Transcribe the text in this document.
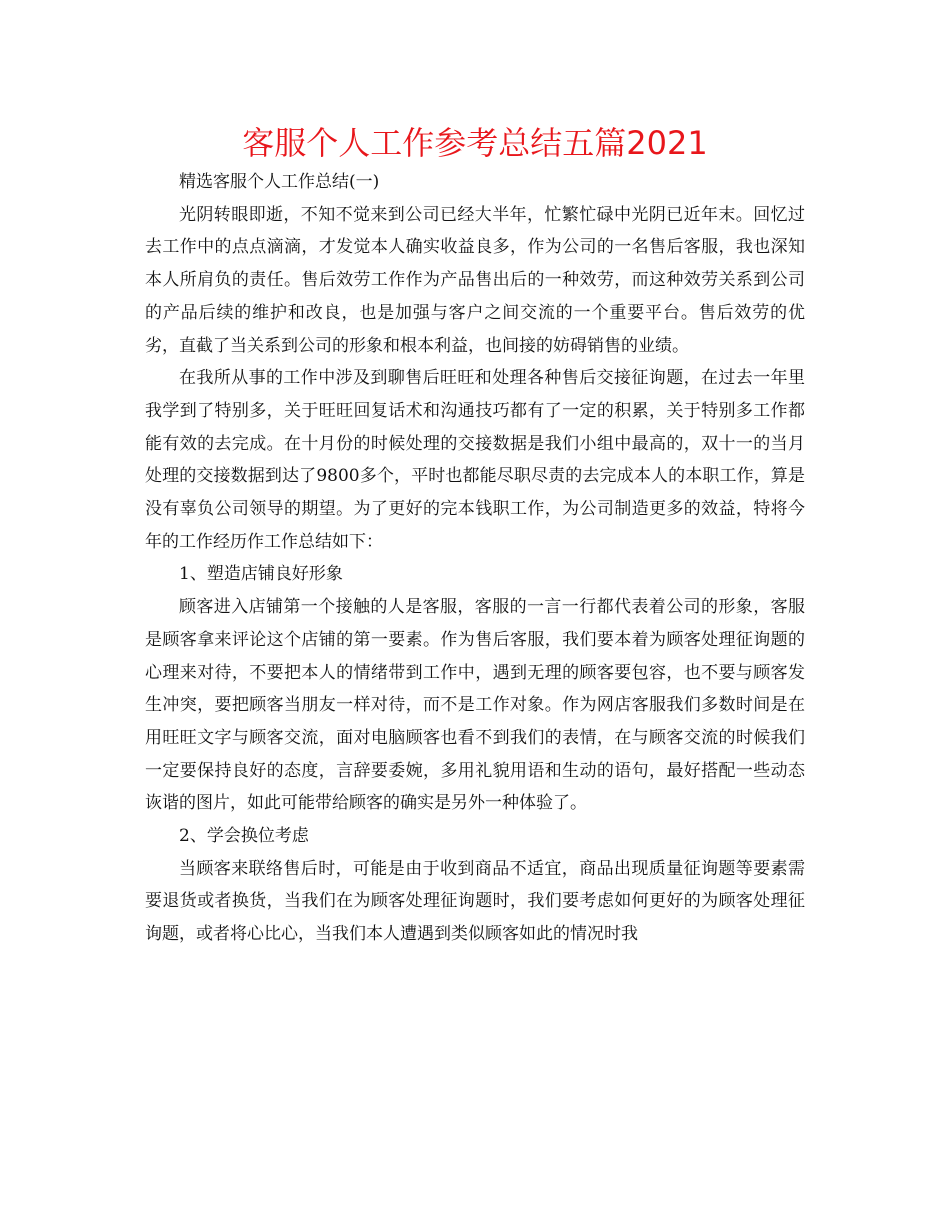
客服个人工作参考总结五篇2021

精选客服个人工作总结(一)

光阴转眼即逝，不知不觉来到公司已经大半年，忙繁忙碌中光阴已近年末。回忆过去工作中的点点滴滴，才发觉本人确实收益良多，作为公司的一名售后客服，我也深知本人所肩负的责任。售后效劳工作作为产品售出后的一种效劳，而这种效劳关系到公司的产品后续的维护和改良，也是加强与客户之间交流的一个重要平台。售后效劳的优劣，直截了当关系到公司的形象和根本利益，也间接的妨碍销售的业绩。

在我所从事的工作中涉及到聊售后旺旺和处理各种售后交接征询题，在过去一年里我学到了特别多，关于旺旺回复话术和沟通技巧都有了一定的积累，关于特别多工作都能有效的去完成。在十月份的时候处理的交接数据是我们小组中最高的，双十一的当月处理的交接数据到达了9800多个，平时也都能尽职尽责的去完成本人的本职工作，算是没有辜负公司领导的期望。为了更好的完本钱职工作，为公司制造更多的效益，特将今年的工作经历作工作总结如下：

1、塑造店铺良好形象

顾客进入店铺第一个接触的人是客服，客服的一言一行都代表着公司的形象，客服是顾客拿来评论这个店铺的第一要素。作为售后客服，我们要本着为顾客处理征询题的心理来对待，不要把本人的情绪带到工作中，遇到无理的顾客要包容，也不要与顾客发生冲突，要把顾客当朋友一样对待，而不是工作对象。作为网店客服我们多数时间是在用旺旺文字与顾客交流，面对电脑顾客也看不到我们的表情，在与顾客交流的时候我们一定要保持良好的态度，言辞要委婉，多用礼貌用语和生动的语句，最好搭配一些动态诙谐的图片，如此可能带给顾客的确实是另外一种体验了。

2、学会换位考虑

当顾客来联络售后时，可能是由于收到商品不适宜，商品出现质量征询题等要素需要退货或者换货，当我们在为顾客处理征询题时，我们要考虑如何更好的为顾客处理征询题，或者将心比心，当我们本人遭遇到类似顾客如此的情况时我
